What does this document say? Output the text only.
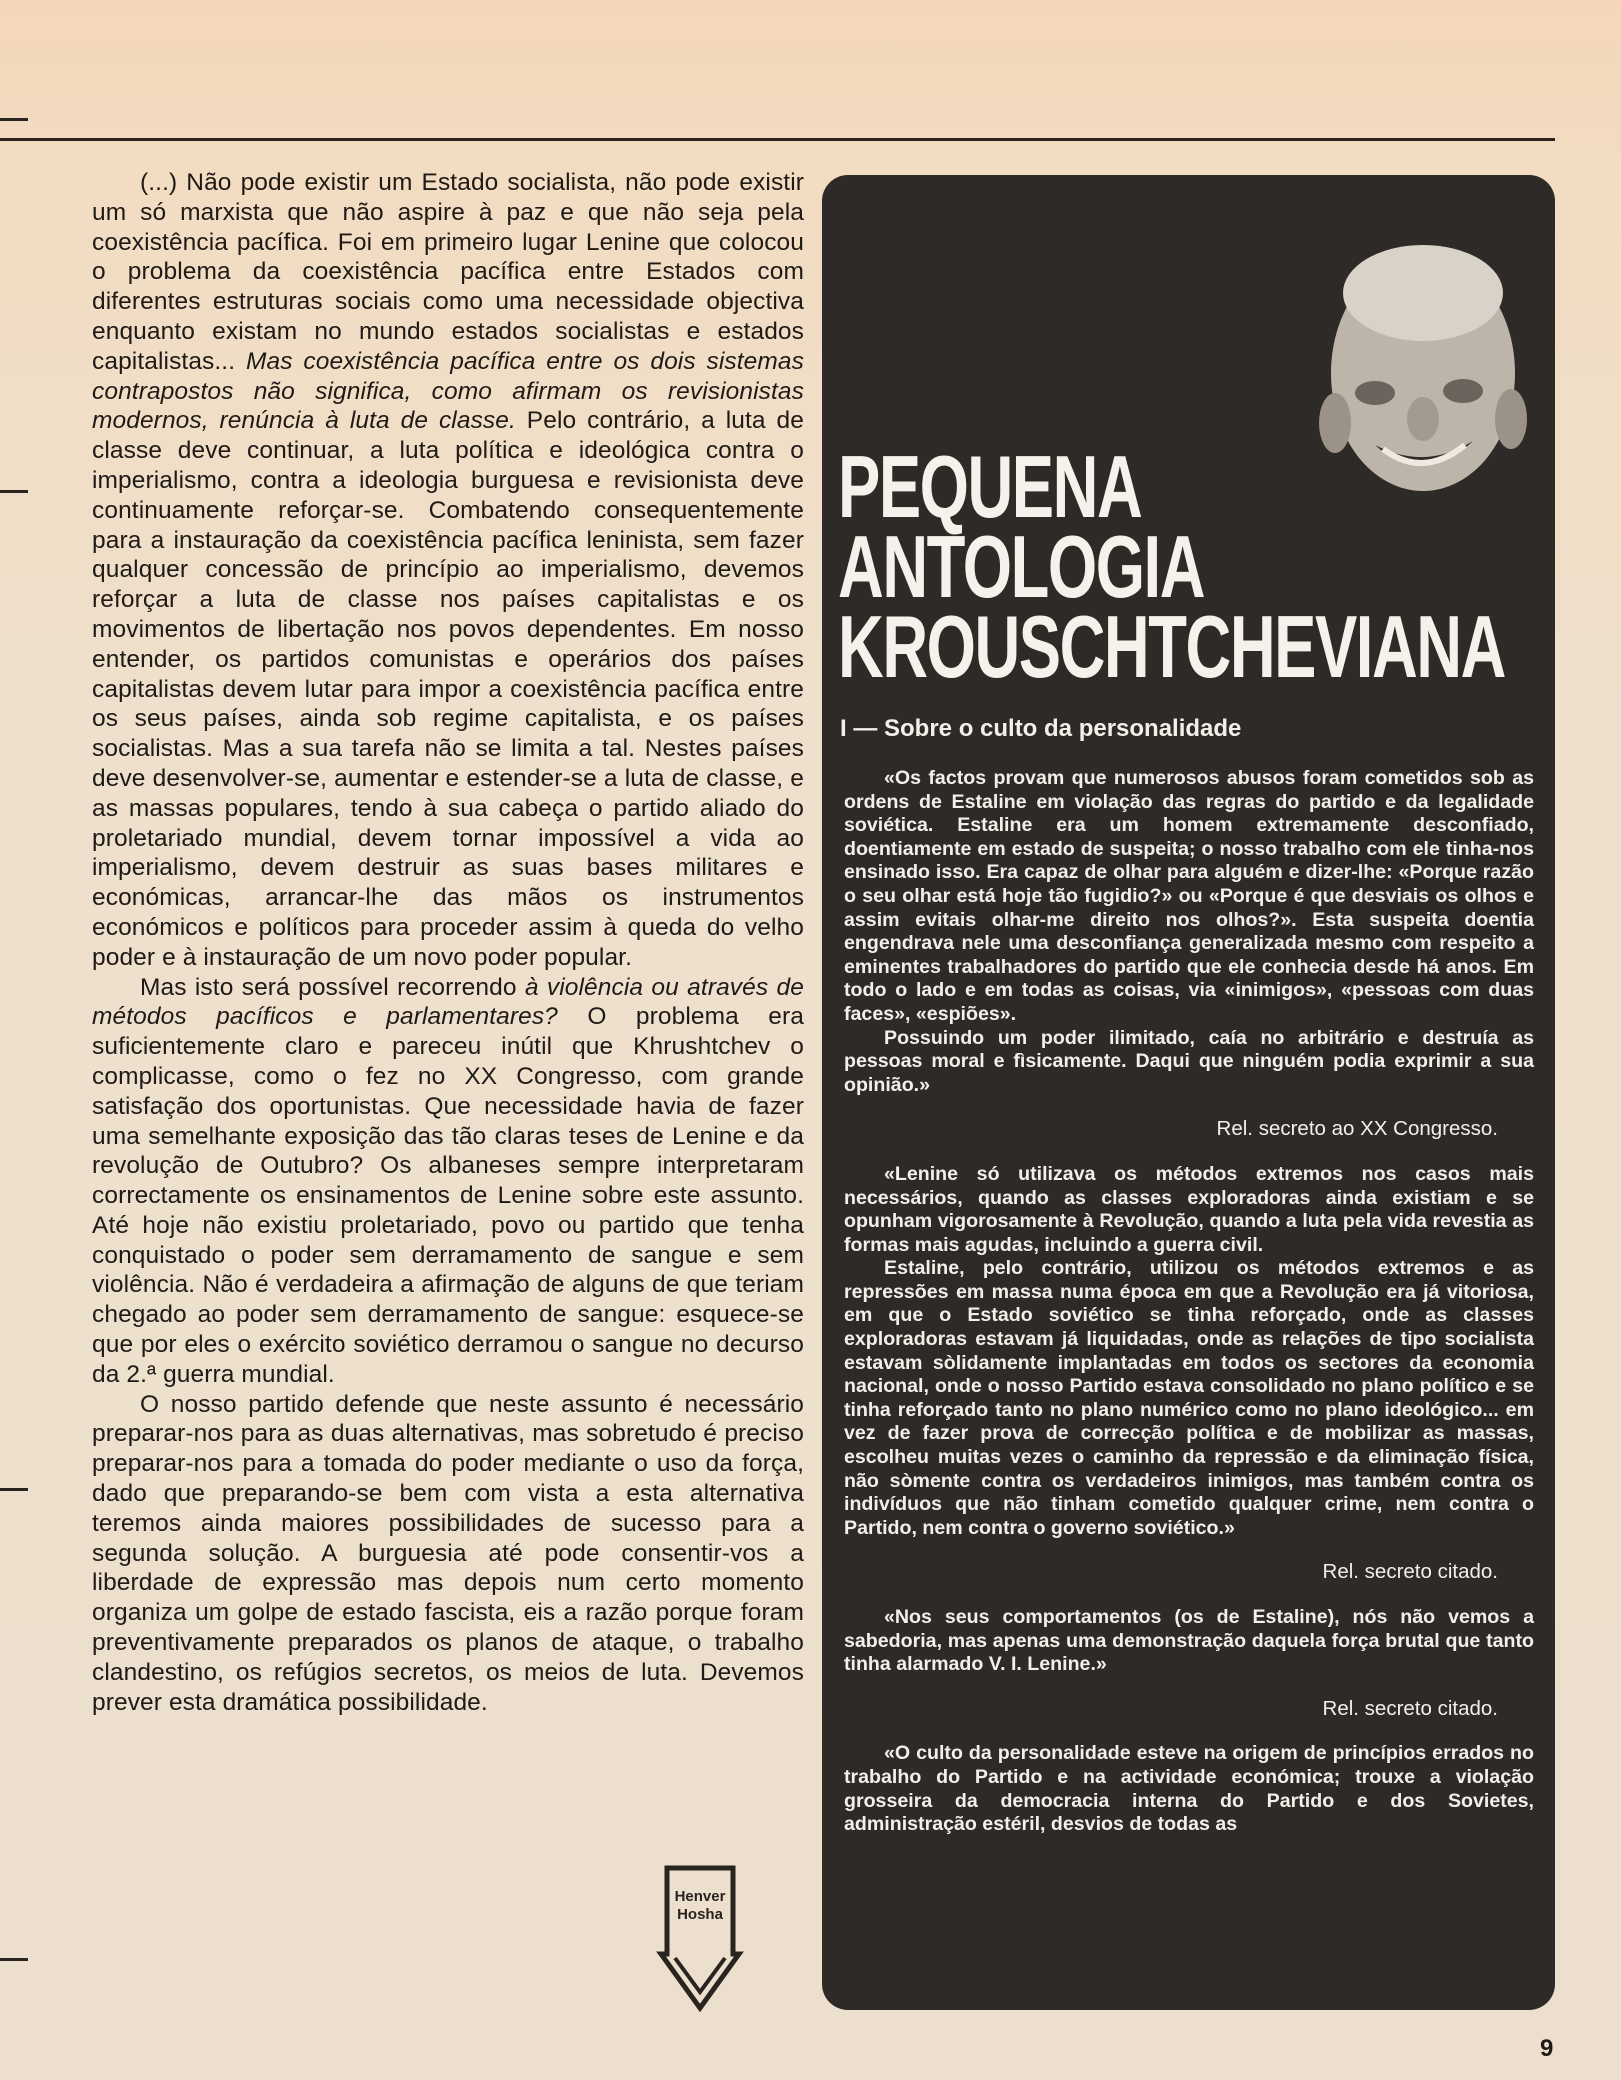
(...) Não pode existir um Estado socialista, não pode existir um só marxista que não aspire à paz e que não seja pela coexistência pacífica. Foi em primeiro lugar Lenine que colocou o problema da coexistência pacífica entre Estados com diferentes estruturas sociais como uma necessidade objectiva enquanto existam no mundo estados socialistas e estados capitalistas... Mas coexistência pacífica entre os dois sistemas contrapostos não significa, como afirmam os revisionistas modernos, renúncia à luta de classe. Pelo contrário, a luta de classe deve continuar, a luta política e ideológica contra o imperialismo, contra a ideologia burguesa e revisionista deve continuamente reforçar-se. Combatendo consequentemente para a instauração da coexistência pacífica leninista, sem fazer qualquer concessão de princípio ao imperialismo, devemos reforçar a luta de classe nos países capitalistas e os movimentos de libertação nos povos dependentes. Em nosso entender, os partidos comunistas e operários dos países capitalistas devem lutar para impor a coexistência pacífica entre os seus países, ainda sob regime capitalista, e os países socialistas. Mas a sua tarefa não se limita a tal. Nestes países deve desenvolver-se, aumentar e estender-se a luta de classe, e as massas populares, tendo à sua cabeça o partido aliado do proletariado mundial, devem tornar impossível a vida ao imperialismo, devem destruir as suas bases militares e económicas, arrancar-lhe das mãos os instrumentos económicos e políticos para proceder assim à queda do velho poder e à instauração de um novo poder popular.

Mas isto será possível recorrendo à violência ou através de métodos pacíficos e parlamentares? O problema era suficientemente claro e pareceu inútil que Khrushtchev o complicasse, como o fez no XX Congresso, com grande satisfação dos oportunistas. Que necessidade havia de fazer uma semelhante exposição das tão claras teses de Lenine e da revolução de Outubro? Os albaneses sempre interpretaram correctamente os ensinamentos de Lenine sobre este assunto. Até hoje não existiu proletariado, povo ou partido que tenha conquistado o poder sem derramamento de sangue e sem violência. Não é verdadeira a afirmação de alguns de que teriam chegado ao poder sem derramamento de sangue: esquece-se que por eles o exército soviético derramou o sangue no decurso da 2.ª guerra mundial.

O nosso partido defende que neste assunto é necessário preparar-nos para as duas alternativas, mas sobretudo é preciso preparar-nos para a tomada do poder mediante o uso da força, dado que preparando-se bem com vista a esta alternativa teremos ainda maiores possibilidades de sucesso para a segunda solução. A burguesia até pode consentir-vos a liberdade de expressão mas depois num certo momento organiza um golpe de estado fascista, eis a razão porque foram preventivamente preparados os planos de ataque, o trabalho clandestino, os refúgios secretos, os meios de luta. Devemos prever esta dramática possibilidade.

Henver
Hosha
PEQUENA
ANTOLOGIA
KROUSCHTCHEVIANA
I — Sobre o culto da personalidade

«Os factos provam que numerosos abusos foram cometidos sob as ordens de Estaline em violação das regras do partido e da legalidade soviética. Estaline era um homem extremamente desconfiado, doentiamente em estado de suspeita; o nosso trabalho com ele tinha-nos ensinado isso. Era capaz de olhar para alguém e dizer-lhe: «Porque razão o seu olhar está hoje tão fugidio?» ou «Porque é que desviais os olhos e assim evitais olhar-me direito nos olhos?». Esta suspeita doentia engendrava nele uma desconfiança generalizada mesmo com respeito a eminentes trabalhadores do partido que ele conhecia desde há anos. Em todo o lado e em todas as coisas, via «inimigos», «pessoas com duas faces», «espiões».

Possuindo um poder ilimitado, caía no arbitrário e destruía as pessoas moral e fìsicamente. Daqui que ninguém podia exprimir a sua opinião.»

Rel. secreto ao XX Congresso.

«Lenine só utilizava os métodos extremos nos casos mais necessários, quando as classes exploradoras ainda existiam e se opunham vigorosamente à Revolução, quando a luta pela vida revestia as formas mais agudas, incluindo a guerra civil.

Estaline, pelo contrário, utilizou os métodos extremos e as repressões em massa numa época em que a Revolução era já vitoriosa, em que o Estado soviético se tinha reforçado, onde as classes exploradoras estavam já liquidadas, onde as relações de tipo socialista estavam sòlidamente implantadas em todos os sectores da economia nacional, onde o nosso Partido estava consolidado no plano político e se tinha reforçado tanto no plano numérico como no plano ideológico... em vez de fazer prova de correcção política e de mobilizar as massas, escolheu muitas vezes o caminho da repressão e da eliminação física, não sòmente contra os verdadeiros inimigos, mas também contra os indivíduos que não tinham cometido qualquer crime, nem contra o Partido, nem contra o governo soviético.»

Rel. secreto citado.

«Nos seus comportamentos (os de Estaline), nós não vemos a sabedoria, mas apenas uma demonstração daquela força brutal que tanto tinha alarmado V. I. Lenine.»

Rel. secreto citado.

«O culto da personalidade esteve na origem de princípios errados no trabalho do Partido e na actividade económica; trouxe a violação grosseira da democracia interna do Partido e dos Sovietes, administração estéril, desvios de todas as

9
